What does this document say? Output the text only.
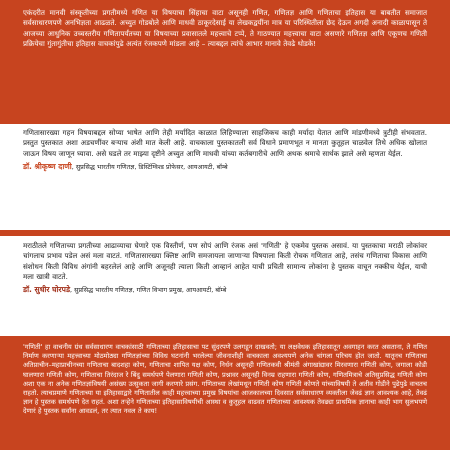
एकंदरीत मानवी संस्कृतीच्या प्रगतीमध्ये गणित या विषयाचा सिंहाचा वाटा असूनही गणित, गणितज्ञ आणि गणिताचा इतिहास या बाबतीत समाजात सर्वसाधारणपणे अनभिज्ञता आढळते. अच्युत गोडबोले आणि माधवी ठाकूरदेसाई या लेखकद्वयींना मात्र या परिस्थितीला छेद देऊन अगदी अनादी काळापासून ते आजच्या आधुनिक उच्चस्तरीय गणितापर्यंतच्या या विषयाच्या प्रवासातले महत्त्वाचे टप्पे, ते गाठण्यात महत्त्वाचा वाटा असणारे गणितज्ञ आणि एकूणच गणिती प्रक्रियेचा गुंतागुंतीचा इतिहास वाचकांपुढे अत्यंत रंजकपणे मांडला आहे – त्याबद्दल त्यांचे आभार मानावे तेवढे थोडके!

गणितासारख्या गहन विषयाबद्दल सोप्या भाषेत आणि तेही मर्यादित काळात लिहिण्याला साहजिकच काही मर्यादा येतात आणि मांडणीमध्ये त्रुटीही संभवतात. प्रस्तुत पुस्तकात अशा अडचणींवर बऱ्याच अंशी मात केली आहे. वाचकाला पुस्तकातली सर्व विधाने प्रमाणभूत न मानता कुतूहल चाळवेल तिथे अधिक खोलात जाऊन विषय जाणून घ्यावा. असे घडले तर माझ्या दृष्टीने अच्युत आणि माधवी यांच्या कर्तबगारीचे आणि अथक श्रमाचे सार्थक झाले असे म्हणता येईल.

डॉ. श्रीकृष्ण दाणी, सुप्रसिद्ध भारतीय गणितज्ञ, डिस्टिंग्विश्ड प्रोफेसर, आयआयटी, बॉम्बे

मराठीतले गणिताच्या प्रगतीच्या आढाव्याचा घेणारे एक विस्तीर्ण, पण सोपं आणि रंजक असं 'गणिती' हे एकमेव पुस्तक असावं. या पुस्तकाचा मराठी लोकांवर चांगलाच प्रभाव पडेल असं मला वाटतं. गणितासारख्या क्लिष्ट आणि समजायला जाणाऱ्या विषयाला किती रोचक गणितात आहे, तसंच गणिताचा विकास आणि संशोधन किती विविध अंगांनी बहरलेलं आहे आणि अजूनही त्याला किती आव्हानं आहेत याची प्रचिती सामान्य लोकांना हे पुस्तक वाचून नक्कीच येईल, याची मला खात्री वाटते.

डॉ. सुधीर घोरपडे, सुप्रसिद्ध भारतीय गणितज्ञ, गणित विभाग प्रमुख, आयआयटी, बॉम्बे

'गणिती' हा वाचनीय ग्रंथ सर्वसाधारण वाचकांसाठी गणिताच्या इतिहासाचा पट सुंदरपणे उलगडून दाखवतो; या लक्षवेधक इतिहासातून अवगाहन करत असताना, ते गणित निर्माण करणाऱ्या महत्त्वाच्या मोठमोठ्या गणितज्ञांच्या विविध घटनांनी भरलेल्या जीवनाशीही वाचकाला अवश्यपणे अनेक चांगला परिचय होत जातो. यातूनच गणिताचा अतिप्राचीन–महाप्राचीनच्या गणिताचा बादशहा कोण, गणिताचा शापित यक्ष कोण, निर्धन असूनही गणितकवी श्रीमंती अंगाखांद्यावर मिरवणारा गणिती कोण, जगाला कोडी घालणारा गणिती कोण, गणिताचा तिरंदाज रे बिंदु समर्थपणे पेलणारा गणिती कोण, प्रश्नावर असूनही विनम्र राहणारा गणिती कोण, गणितमित्राचे अतिसुप्रसिद्ध गणिती कोण अशा एक ना अनेक गणितज्ञांविषयी असंख्य उत्सुकता जागी करणारे प्रसंग. गणिताच्या लेखांमधून गणिती कोण गणिती कोणते यांच्याविषयी ते अतीव गोडीने पुढेपुढे वाचतच राहतो. त्याचप्रमाणे गणिताच्या या इतिहासाद्वारे गणितातील काही महत्त्वाच्या प्रमुख विषयांचा आजकालच्या दिवसात सर्वसाधारण व्यक्तीला जेवढं ज्ञान आवश्यक आहे, तेवढं ज्ञान हे पुस्तक समर्थपणे देत राहतं. अशा तऱ्हेने गणिताच्या इतिहासाविषयीची आस्था व कुतूहल वाढवत गणिताच्या आवश्यक तेवढ्या प्राथमिक ज्ञानाचा काही भाग सुलभपणे देणारं हे पुस्तक सर्वांना आवडलं, तर त्यात नवल ते काय!
